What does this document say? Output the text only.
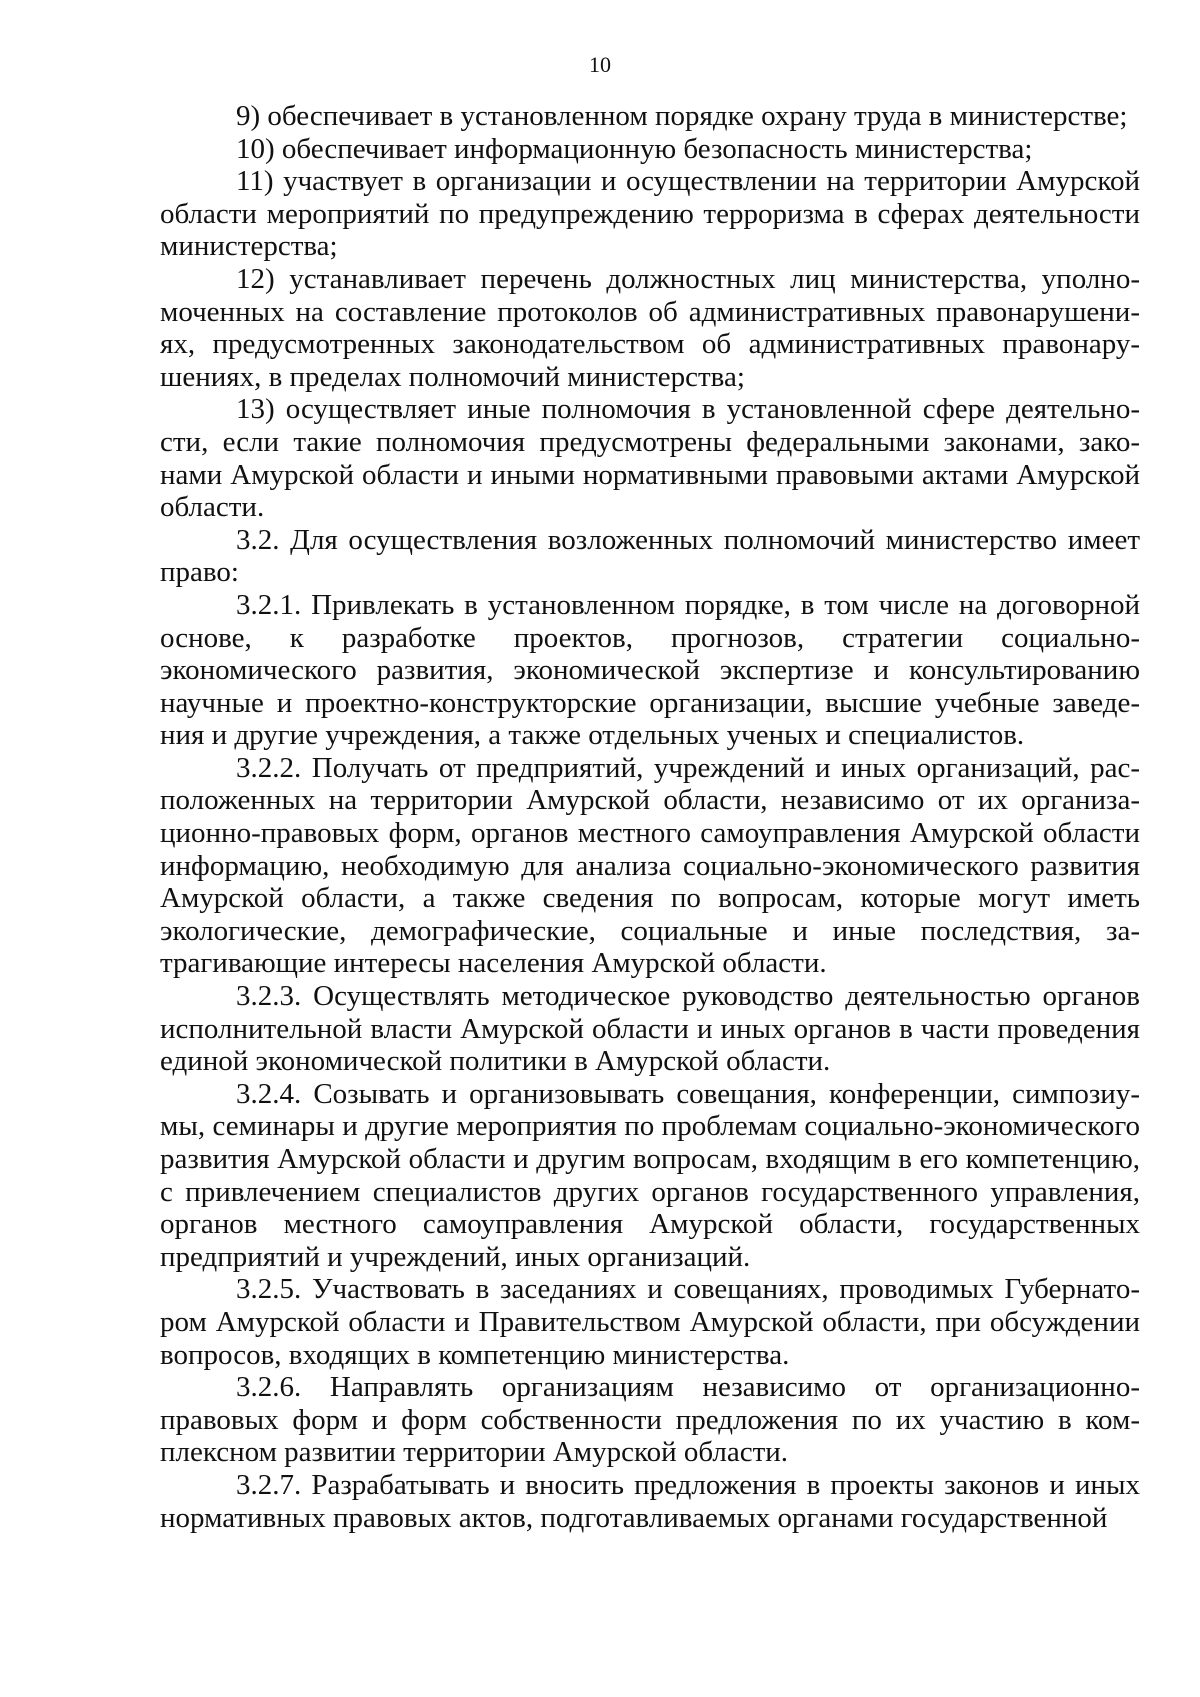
10

9) обеспечивает в установленном порядке охрану труда в министерстве;

10) обеспечивает информационную безопасность министерства;

11) участвует в организации и осуществлении на территории Амурской области мероприятий по предупреждению терроризма в сферах деятельности министерства;

12) устанавливает перечень должностных лиц министерства, уполномоченных на составление протоколов об административных правонарушениях, предусмотренных законодательством об административных правонарушениях, в пределах полномочий министерства;

13) осуществляет иные полномочия в установленной сфере деятельности, если такие полномочия предусмотрены федеральными законами, законами Амурской области и иными нормативными правовыми актами Амурской области.

3.2. Для осуществления возложенных полномочий министерство имеет право:

3.2.1. Привлекать в установленном порядке, в том числе на договорной основе, к разработке проектов, прогнозов, стратегии социально-экономического развития, экономической экспертизе и консультированию научные и проектно-конструкторские организации, высшие учебные заведения и другие учреждения, а также отдельных ученых и специалистов.

3.2.2. Получать от предприятий, учреждений и иных организаций, расположенных на территории Амурской области, независимо от их организационно-правовых форм, органов местного самоуправления Амурской области информацию, необходимую для анализа социально-экономического развития Амурской области, а также сведения по вопросам, которые могут иметь экологические, демографические, социальные и иные последствия, затрагивающие интересы населения Амурской области.

3.2.3. Осуществлять методическое руководство деятельностью органов исполнительной власти Амурской области и иных органов в части проведения единой экономической политики в Амурской области.

3.2.4. Созывать и организовывать совещания, конференции, симпозиумы, семинары и другие мероприятия по проблемам социально-экономического развития Амурской области и другим вопросам, входящим в его компетенцию, с привлечением специалистов других органов государственного управления, органов местного самоуправления Амурской области, государственных предприятий и учреждений, иных организаций.

3.2.5. Участвовать в заседаниях и совещаниях, проводимых Губернатором Амурской области и Правительством Амурской области, при обсуждении вопросов, входящих в компетенцию министерства.

3.2.6. Направлять организациям независимо от организационно-правовых форм и форм собственности предложения по их участию в комплексном развитии территории Амурской области.

3.2.7. Разрабатывать и вносить предложения в проекты законов и иных нормативных правовых актов, подготавливаемых органами государственной
